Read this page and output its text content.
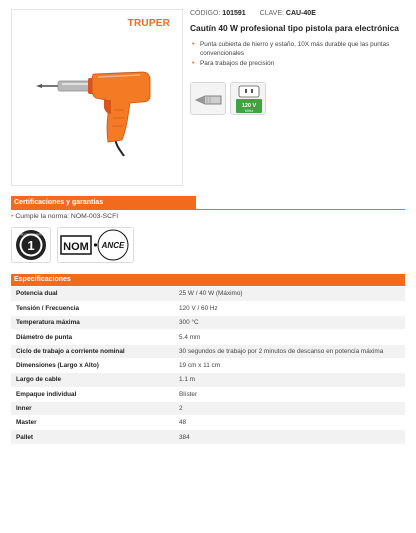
TRUPER
CÓDIGO: 101591 CLAVE: CAU-40E
Cautín 40 W profesional tipo pistola para electrónica
• Punta cubierta de hierro y estaño, 10X más durable que las puntas convencionales
• Para trabajos de precisión
120 V
60Hz
Certificaciones y garantías
• Cumple la norma: NOM-003-SCFI
1
AÑO DE GARANTÍA
NOM ANCE
Especificaciones
Potencia dual	25 W / 40 W (Máximo)
Tensión / Frecuencia	120 V / 60 Hz
Temperatura máxima	300 °C
Diámetro de punta	5.4 mm
Ciclo de trabajo a corriente nominal	30 segundos de trabajo por 2 minutos de descanso en potencia máxima
Dimensiones (Largo x Alto)	19 cm x 11 cm
Largo de cable	1.1 m
Empaque individual	Blíster
Inner	2
Master	48
Pallet	384
